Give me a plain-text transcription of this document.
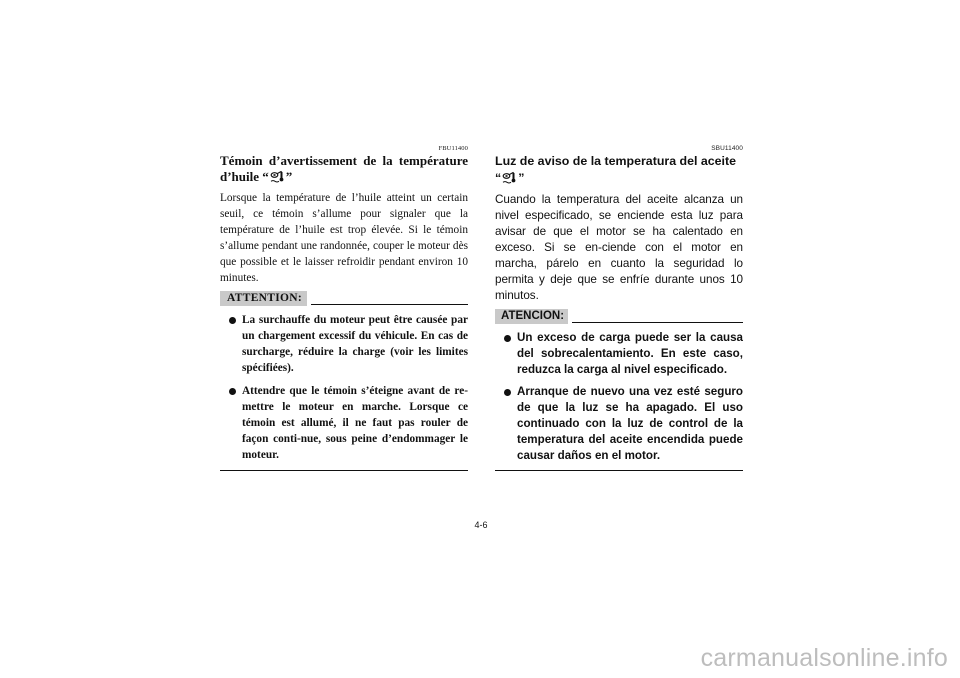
FBU11400
Témoin d’avertissement de la température d’huile “ ”

Lorsque la température de l’huile atteint un certain seuil, ce témoin s’allume pour signaler que la température de l’huile est trop élevée. Si le témoin s’allume pendant une randonnée, couper le moteur dès que possible et le laisser refroidir pendant environ 10 minutes.

ATTENTION:
La surchauffe du moteur peut être causée par un chargement excessif du véhicule. En cas de surcharge, réduire la charge (voir les limites spécifiées).
Attendre que le témoin s’éteigne avant de re-mettre le moteur en marche. Lorsque ce témoin est allumé, il ne faut pas rouler de façon conti-nue, sous peine d’endommager le moteur.
SBU11400
Luz de aviso de la temperatura del aceite “ ”

Cuando la temperatura del aceite alcanza un nivel especificado, se enciende esta luz para avisar de que el motor se ha calentado en exceso. Si se en-ciende con el motor en marcha, párelo en cuanto la seguridad lo permita y deje que se enfríe durante unos 10 minutos.

ATENCION:
Un exceso de carga puede ser la causa del sobrecalentamiento. En este caso, reduzca la carga al nivel especificado.
Arranque de nuevo una vez esté seguro de que la luz se ha apagado. El uso continuado con la luz de control de la temperatura del aceite encendida puede causar daños en el motor.
4-6
carmanualsonline.info
